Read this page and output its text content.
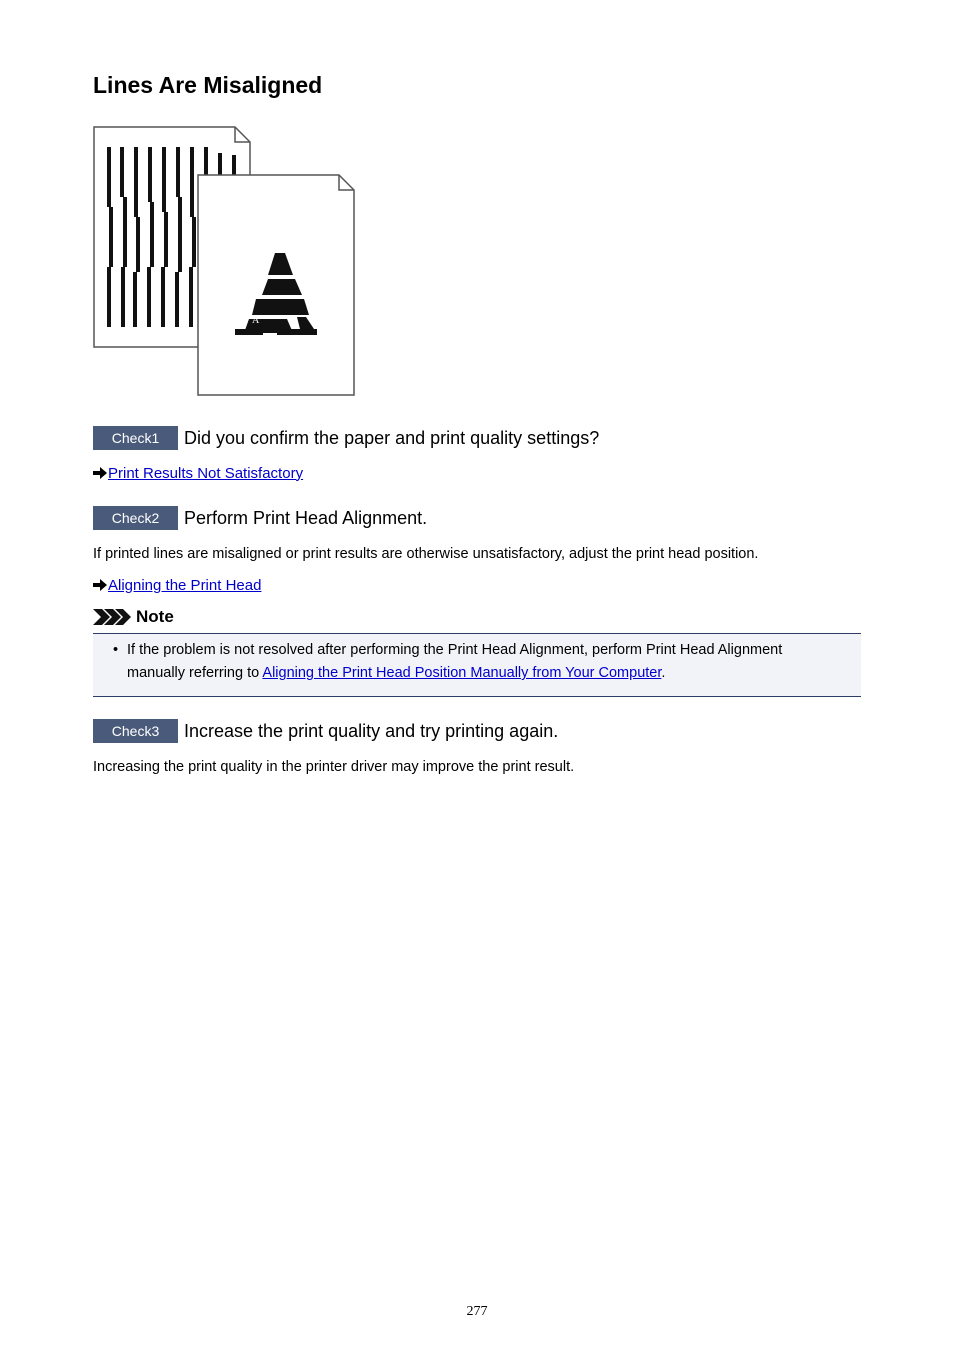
Lines Are Misaligned
A
Check1	Did you confirm the paper and print quality settings?
Print Results Not Satisfactory
Check2	Perform Print Head Alignment.

If printed lines are misaligned or print results are otherwise unsatisfactory, adjust the print head position.

Aligning the Print Head
Note
• If the problem is not resolved after performing the Print Head Alignment, perform Print Head Alignment manually referring to Aligning the Print Head Position Manually from Your Computer.
Check3	Increase the print quality and try printing again.

Increasing the print quality in the printer driver may improve the print result.

277
